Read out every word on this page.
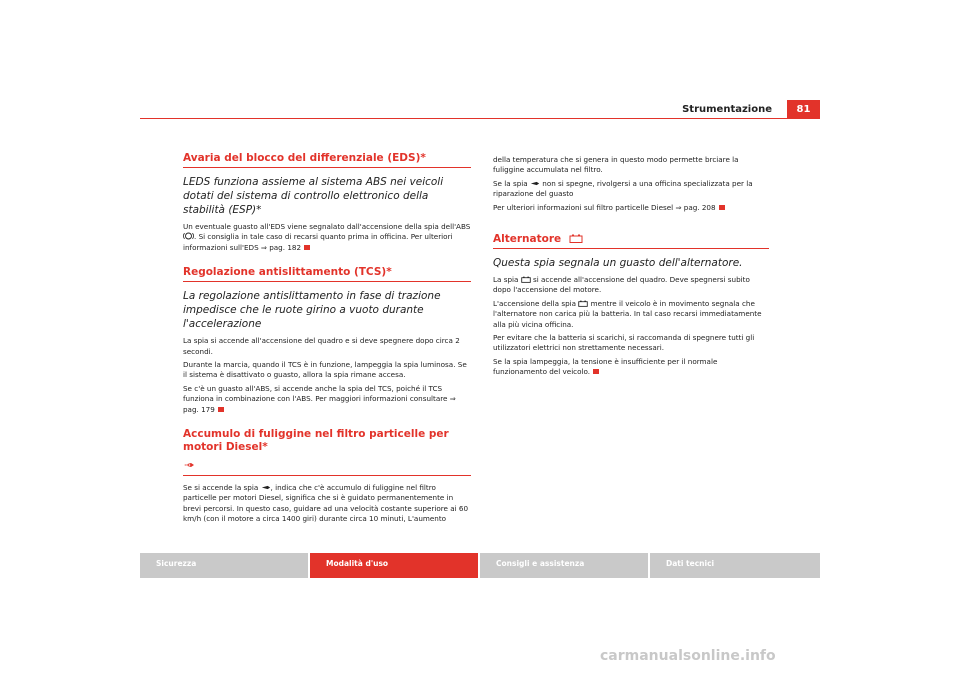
Strumentazione	81

Avaria del blocco del differenziale (EDS)*

LEDS funziona assieme al sistema ABS nei veicoli dotati del sistema di controllo elettronico della stabilità (ESP)*

Un eventuale guasto all'EDS viene segnalato dall'accensione della spia dell'ABS . Si consiglia in tale caso di recarsi quanto prima in officina. Per ulteriori informazioni sull'EDS ⇒ pag. 182

Regolazione antislittamento (TCS)*

La regolazione antislittamento in fase di trazione impedisce che le ruote girino a vuoto durante l'accelerazione

La spia si accende all'accensione del quadro e si deve spegnere dopo circa 2 secondi.

Durante la marcia, quando il TCS è in funzione, lampeggia la spia luminosa. Se il sistema è disattivato o guasto, allora la spia rimane accesa.

Se c'è un guasto all'ABS, si accende anche la spia del TCS, poiché il TCS funziona in combinazione con l'ABS. Per maggiori informazioni consultare ⇒ pag. 179

Accumulo di fuliggine nel filtro particelle per motori Diesel*

Se si accende la spia , indica che c'è accumulo di fuliggine nel filtro particelle per motori Diesel, significa che si è guidato permanentemente in brevi percorsi. In questo caso, guidare ad una velocità costante superiore ai 60 km/h (con il motore a circa 1400 giri) durante circa 10 minuti, L'aumento

della temperatura che si genera in questo modo permette brciare la fuliggine accumulata nel filtro.

Se la spia non si spegne, rivolgersi a una officina specializzata per la riparazione del guasto

Per ulteriori informazioni sul filtro particelle Diesel ⇒ pag. 208

Alternatore

Questa spia segnala un guasto dell'alternatore.

La spia si accende all'accensione del quadro. Deve spegnersi subito dopo l'accensione del motore.

L'accensione della spia mentre il veicolo è in movimento segnala che l'alternatore non carica più la batteria. In tal caso recarsi immediatamente alla più vicina officina.

Per evitare che la batteria si scarichi, si raccomanda di spegnere tutti gli utilizzatori elettrici non strettamente necessari.

Se la spia lampeggia, la tensione è insufficiente per il normale funzionamento del veicolo.

Sicurezza	Modalità d'uso	Consigli e assistenza	Dati tecnici
carmanualsonline.info
